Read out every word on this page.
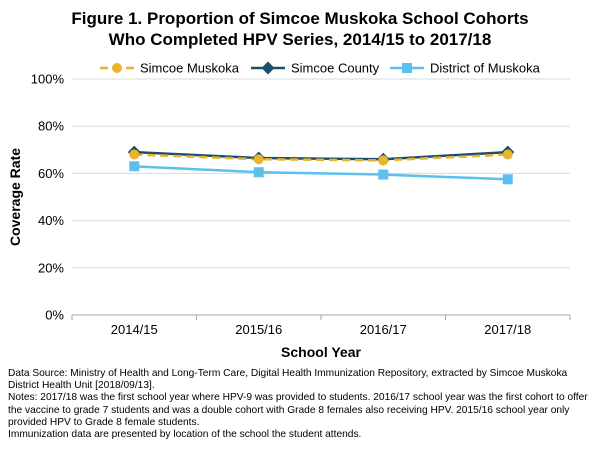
Figure 1. Proportion of Simcoe Muskoka School Cohorts
Who Completed HPV Series, 2014/15 to 2017/18
0%
20%
40%
60%
80%
100%
2014/15	2015/16	2016/17	2017/18
School Year
Coverage Rate
Simcoe Muskoka	Simcoe County	District of Muskoka
Data Source: Ministry of Health and Long-Term Care, Digital Health Immunization Repository, extracted by Simcoe Muskoka District Health Unit [2018/09/13].
Notes: 2017/18 was the first school year where HPV-9 was provided to students. 2016/17 school year was the first cohort to offer the vaccine to grade 7 students and was a double cohort with Grade 8 females also receiving HPV. 2015/16 school year only provided HPV to Grade 8 female students.
Immunization data are presented by location of the school the student attends.
